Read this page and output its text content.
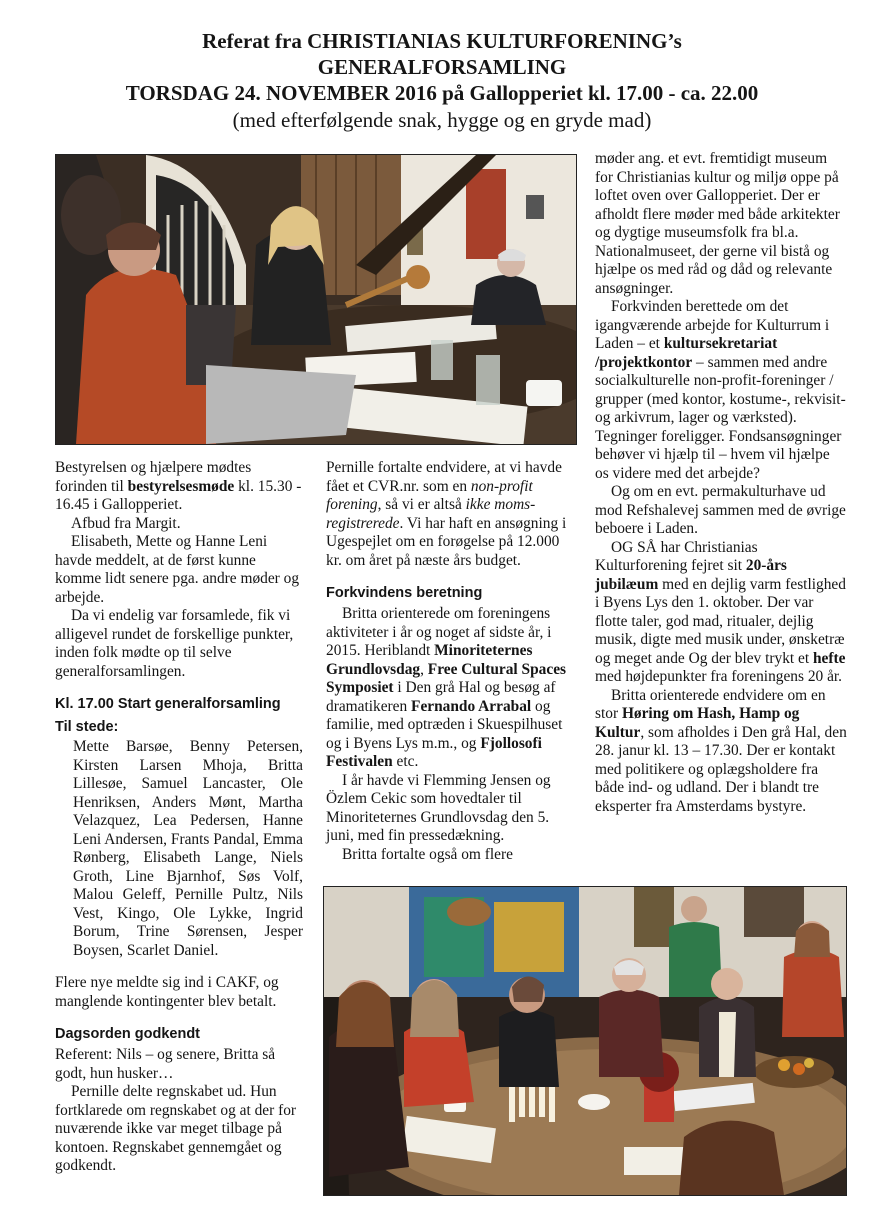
Referat fra CHRISTIANIAS KULTURFORENING’s
GENERALFORSAMLING
TORSDAG 24. NOVEMBER 2016 på Gallopperiet kl. 17.00 - ca. 22.00
(med efterfølgende snak, hygge og en gryde mad)

Bestyrelsen og hjælpere mødtes forinden til bestyrelsesmøde kl. 15.30 - 16.45 i Gallopperiet.

Afbud fra Margit.

Elisabeth, Mette og Hanne Leni havde meddelt, at de først kunne komme lidt senere pga. andre møder og arbejde.

Da vi endelig var forsamlede, fik vi alligevel rundet de forskellige punkter, inden folk mødte op til selve generalforsamlingen.

Kl. 17.00 Start generalforsamling

Til stede:

Mette Barsøe, Benny Petersen, Kirsten Larsen Mhoja, Britta Lillesøe, Samuel Lancaster, Ole Henriksen, Anders Mønt, Martha Velazquez, Lea Pedersen, Hanne Leni Andersen, Frants Pandal, Emma Rønberg, Elisabeth Lange, Niels Groth, Line Bjarnhof, Søs Volf, Malou Geleff, Pernille Pultz, Nils Vest, Kingo, Ole Lykke, Ingrid Borum, Trine Sørensen, Jesper Boysen, Scarlet Daniel.

Flere nye meldte sig ind i CAKF, og manglende kontingenter blev betalt.

Dagsorden godkendt

Referent: Nils – og senere, Britta så godt, hun husker…

Pernille delte regnskabet ud. Hun fortklarede om regnskabet og at der for nuværende ikke var meget tilbage på kontoen. Regnskabet gennemgået og godkendt.

Pernille fortalte endvidere, at vi havde fået et CVR.nr. som en non-profit forening, så vi er altså ikke moms-registrerede. Vi har haft en ansøgning i Ugespejlet om en forøgelse på 12.000 kr. om året på næste års budget.

Forkvindens beretning

Britta orienterede om foreningens aktiviteter i år og noget af sidste år, i 2015. Heriblandt Minoriteternes Grundlovsdag, Free Cultural Spaces Symposiet i Den grå Hal og besøg af dramatikeren Fernando Arrabal og familie, med optræden i Skuespilhuset og i Byens Lys m.m., og Fjollosofi Festivalen etc.

I år havde vi Flemming Jensen og Özlem Cekic som hovedtaler til Minoriteternes Grundlovsdag den 5. juni, med fin pressedækning.

Britta fortalte også om flere

møder ang. et evt. fremtidigt museum for Christianias kultur og miljø oppe på loftet oven over Gallopperiet. Der er afholdt flere møder med både arkitekter og dygtige museumsfolk fra bl.a. Nationalmuseet, der gerne vil bistå og hjælpe os med råd og dåd og relevante ansøgninger.

Forkvinden berettede om det igangværende arbejde for Kulturrum i Laden – et kultursekretariat /projektkontor – sammen med andre socialkulturelle non-profit-foreninger / grupper (med kontor, kostume-, rekvisit- og arkivrum, lager og værksted). Tegninger foreligger. Fondsansøgninger behøver vi hjælp til – hvem vil hjælpe os videre med det arbejde?

Og om en evt. permakulturhave ud mod Refshalevej sammen med de øvrige beboere i Laden.

OG SÅ har Christianias Kulturforening fejret sit 20-års jubilæum med en dejlig varm festlighed i Byens Lys den 1. oktober. Der var flotte taler, god mad, ritualer, dejlig musik, digte med musik under, ønsketræ og meget ande Og der blev trykt et hefte med højdepunkter fra foreningens 20 år.

Britta orienterede endvidere om en stor Høring om Hash, Hamp og Kultur, som afholdes i Den grå Hal, den 28. janur kl. 13 – 17.30. Der er kontakt med politikere og oplægsholdere fra både ind- og udland. Der i blandt tre eksperter fra Amsterdams bystyre.
